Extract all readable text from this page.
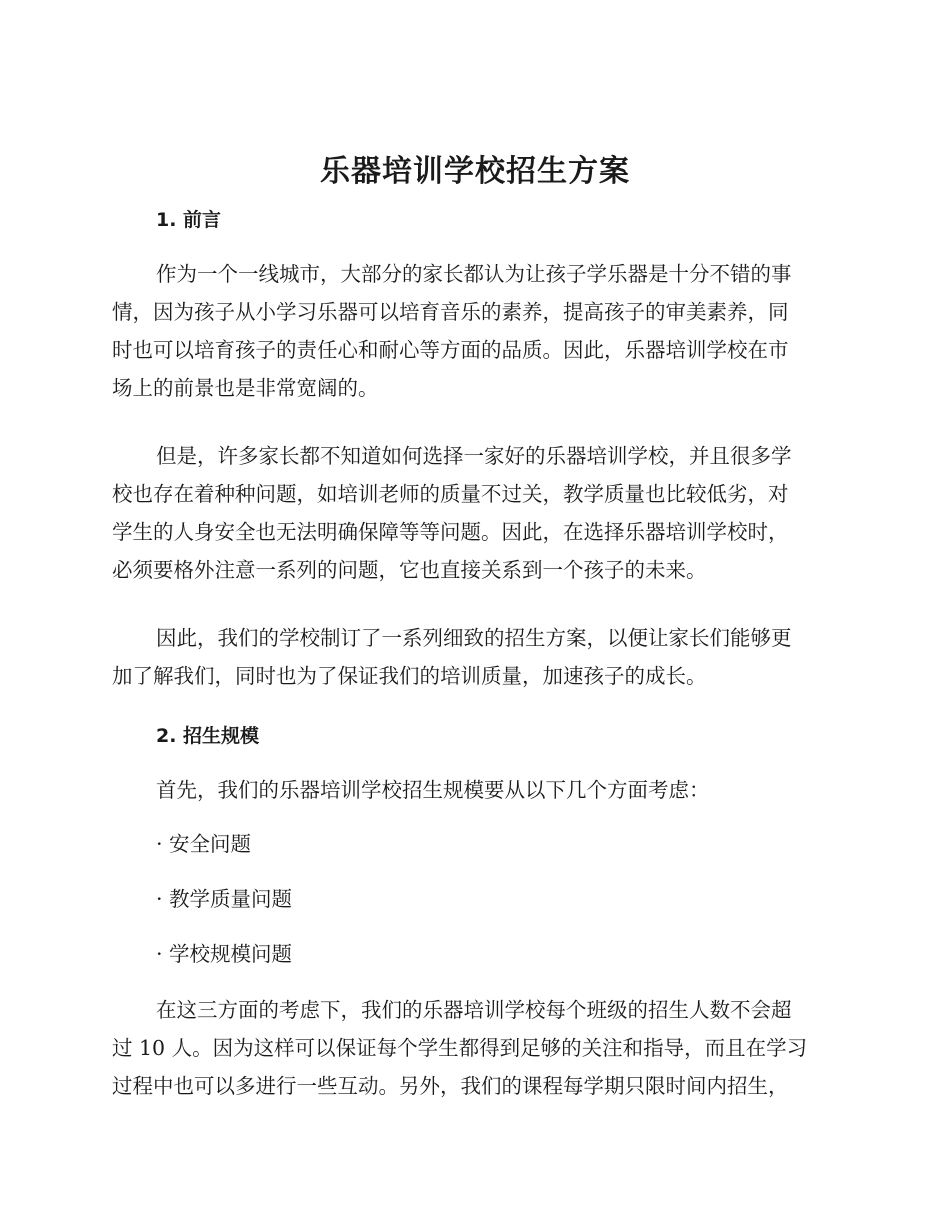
乐器培训学校招生方案
1. 前言
作为一个一线城市，大部分的家长都认为让孩子学乐器是十分不错的事
情，因为孩子从小学习乐器可以培育音乐的素养，提高孩子的审美素养，同
时也可以培育孩子的责任心和耐心等方面的品质。因此，乐器培训学校在市
场上的前景也是非常宽阔的。
但是，许多家长都不知道如何选择一家好的乐器培训学校，并且很多学
校也存在着种种问题，如培训老师的质量不过关，教学质量也比较低劣，对
学生的人身安全也无法明确保障等等问题。因此，在选择乐器培训学校时，
必须要格外注意一系列的问题，它也直接关系到一个孩子的未来。
因此，我们的学校制订了一系列细致的招生方案，以便让家长们能够更
加了解我们，同时也为了保证我们的培训质量，加速孩子的成长。
2. 招生规模
首先，我们的乐器培训学校招生规模要从以下几个方面考虑：
· 安全问题
· 教学质量问题
· 学校规模问题
在这三方面的考虑下，我们的乐器培训学校每个班级的招生人数不会超
过 10 人。因为这样可以保证每个学生都得到足够的关注和指导，而且在学习
过程中也可以多进行一些互动。另外，我们的课程每学期只限时间内招生，
